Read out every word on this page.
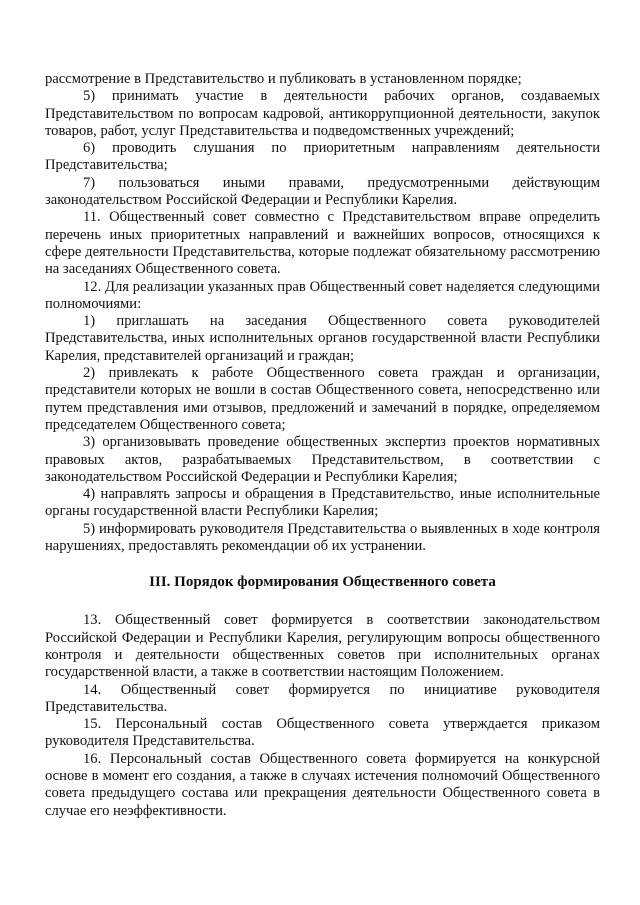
рассмотрение в Представительство и публиковать в установленном порядке;

5) принимать участие в деятельности рабочих органов, создаваемых Представительством по вопросам кадровой, антикоррупционной деятельности, закупок товаров, работ, услуг Представительства и подведомственных учреждений;

6) проводить слушания по приоритетным направлениям деятельности Представительства;

7) пользоваться иными правами, предусмотренными действующим законодательством Российской Федерации и Республики Карелия.

11. Общественный совет совместно с Представительством вправе определить перечень иных приоритетных направлений и важнейших вопросов, относящихся к сфере деятельности Представительства, которые подлежат обязательному рассмотрению на заседаниях Общественного совета.

12. Для реализации указанных прав Общественный совет наделяется следующими полномочиями:

1) приглашать на заседания Общественного совета руководителей Представительства, иных исполнительных органов государственной власти Республики Карелия, представителей организаций и граждан;

2) привлекать к работе Общественного совета граждан и организации, представители которых не вошли в состав Общественного совета, непосредственно или путем представления ими отзывов, предложений и замечаний в порядке, определяемом председателем Общественного совета;

3) организовывать проведение общественных экспертиз проектов нормативных правовых актов, разрабатываемых Представительством, в соответствии с законодательством Российской Федерации и Республики Карелия;

4) направлять запросы и обращения в Представительство, иные исполнительные органы государственной власти Республики Карелия;

5) информировать руководителя Представительства о выявленных в ходе контроля нарушениях, предоставлять рекомендации об их устранении.

III. Порядок формирования Общественного совета

13. Общественный совет формируется в соответствии законодательством Российской Федерации и Республики Карелия, регулирующим вопросы общественного контроля и деятельности общественных советов при исполнительных органах государственной власти, а также в соответствии настоящим Положением.

14. Общественный совет формируется по инициативе руководителя Представительства.

15. Персональный состав Общественного совета утверждается приказом руководителя Представительства.

16. Персональный состав Общественного совета формируется на конкурсной основе в момент его создания, а также в случаях истечения полномочий Общественного совета предыдущего состава или прекращения деятельности Общественного совета в случае его неэффективности.
